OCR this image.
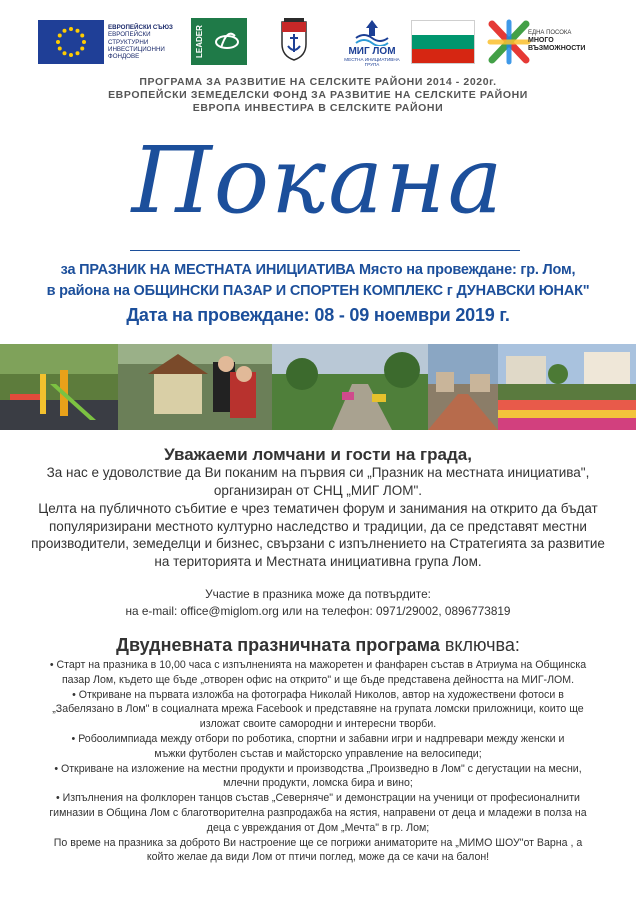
ЕВРОПЕЙСКИ СЪЮЗ
ЕВРОПЕЙСКИ СТРУКТУРНИ ИНВЕСТИЦИОННИ ФОНДОВЕ	LEADER	МИГ ЛОМ
МЕСТНА ИНИЦИАТИВНА ГРУПА
ЕДНА ПОСОКА
МНОГО ВЪЗМОЖНОСТИ
ПРОГРАМА ЗА РАЗВИТИЕ НА СЕЛСКИТЕ РАЙОНИ 2014 - 2020г.
ЕВРОПЕЙСКИ ЗЕМЕДЕЛСКИ ФОНД ЗА РАЗВИТИЕ НА СЕЛСКИТЕ РАЙОНИ
ЕВРОПА ИНВЕСТИРА В СЕЛСКИТЕ РАЙОНИ
Покана
за ПРАЗНИК НА МЕСТНАТА ИНИЦИАТИВА Място на провеждане: гр. Лом,
в района на ОБЩИНСКИ ПАЗАР И СПОРТЕН КОМПЛЕКС г ДУНАВСКИ ЮНАК"
Дата на провеждане: 08 - 09 ноември 2019 г.
Уважаеми ломчани и гости на града,
За нас е удоволствие да Ви поканим на първия си „Празник на местната инициатива",
организиран от СНЦ „МИГ ЛОМ".
Целта на публичното събитие е чрез тематичен форум и занимания на открито да бъдат
популяризирани местното културно наследство и традиции, да се представят местни
производители, земеделци и бизнес, свързани с изпълнението на Стратегията за развитие
на територията и Местната инициативна група Лом.
Участие в празника може да потвърдите:
на e-mail: office@miglom.org или на телефон: 0971/29002, 0896773819
Двудневната празничната програма включва:
• Старт на празника в 10,00 часа с изпълненията на мажоретен и фанфарен състав в Атриума на Общинска
пазар Лом, където ще бъде „отворен офис на открито" и ще бъде представена дейността на МИГ-ЛОМ.
• Откриване на първата изложба на фотографа Николай Николов, автор на художествени фотоси в
„Забелязано в Лом" в социалната мрежа Facebook и представяне на групата ломски приложници, които ще
изложат своите самородни и интересни творби.
• Робоолимпиада между отбори по роботика, спортни и забавни игри и надпревари между женски и
мъжки футболен състав и майсторско управление на велосипеди;
• Откриване на изложение на местни продукти и производства „Произведно в Лом" с дегустации на месни,
млечни продукти, ломска бира и вино;
• Изпълнения на фолклорен танцов състав „Северняче" и демонстрации на ученици от професионалнити
гимназии в Община Лом с благотворителна разпродажба на ястия, направени от деца и младежи в полза на
деца с увреждания от Дом „Мечта" в гр. Лом;
По време на празника за доброто Ви настроение ще се погрижи аниматорите на „МИМО ШОУ"от Варна , а
който желае да види Лом от птичи поглед, може да се качи на балон!
